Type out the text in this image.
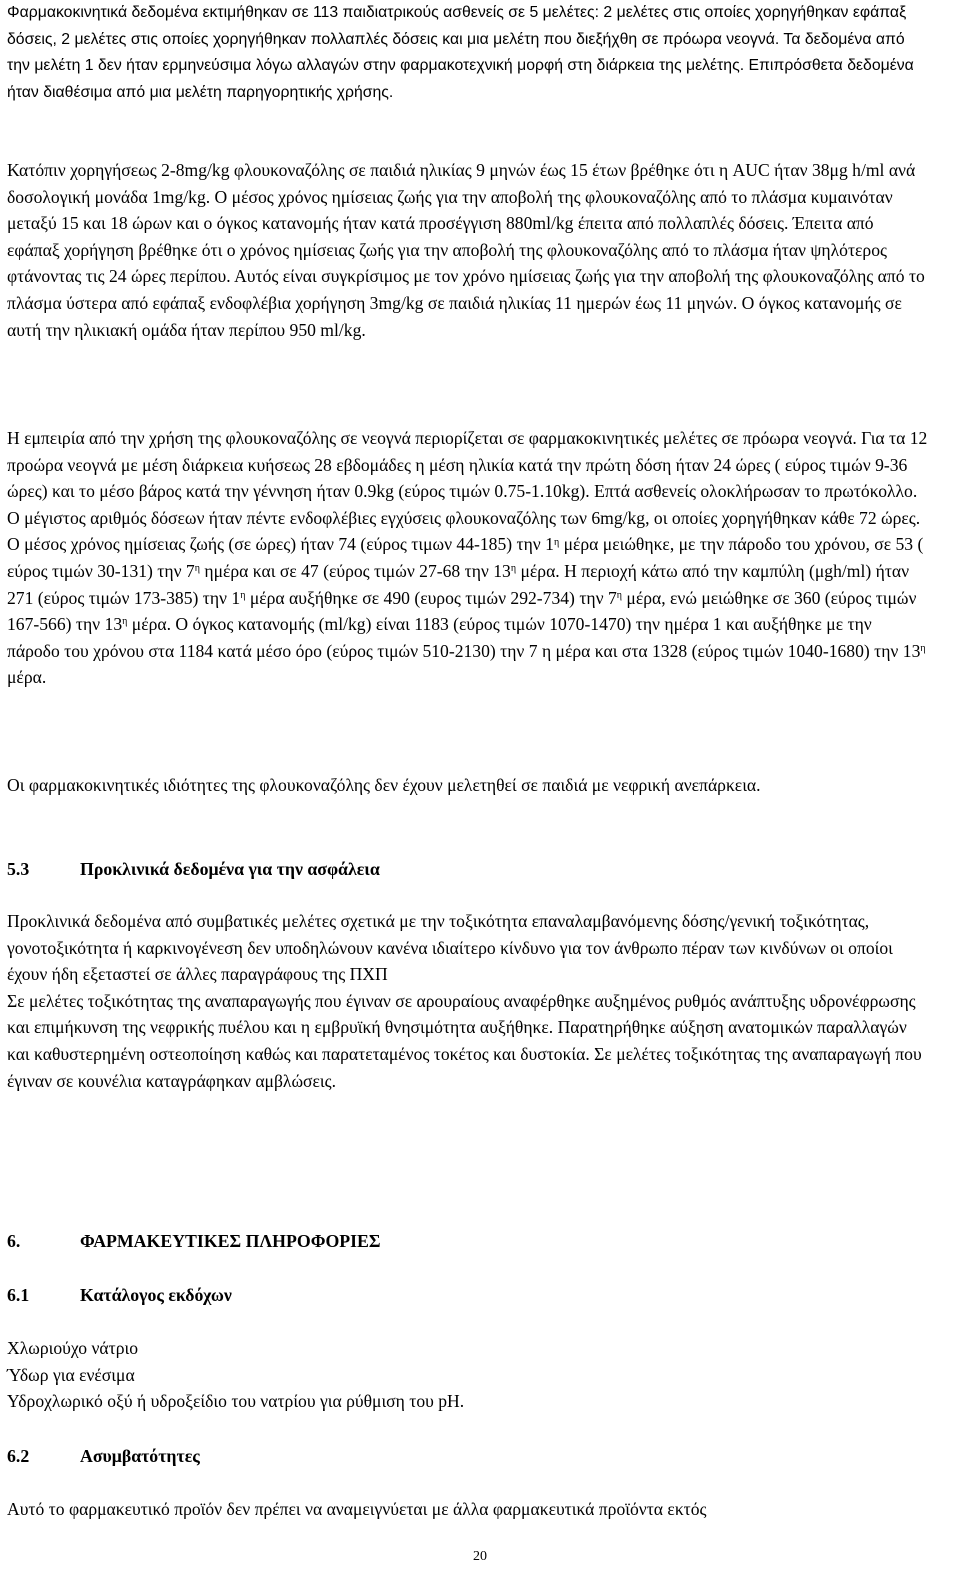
Φαρμακοκινητικά δεδομένα εκτιμήθηκαν σε 113 παιδιατρικούς ασθενείς σε 5 μελέτες: 2 μελέτες στις οποίες χορηγήθηκαν εφάπαξ δόσεις, 2 μελέτες στις οποίες χορηγήθηκαν πολλαπλές δόσεις και μια μελέτη που διεξήχθη σε πρόωρα νεογνά. Τα δεδομένα από την μελέτη 1 δεν ήταν ερμηνεύσιμα λόγω αλλαγών στην φαρμακοτεχνική μορφή στη διάρκεια της μελέτης. Επιπρόσθετα δεδομένα ήταν διαθέσιμα από μια μελέτη παρηγορητικής χρήσης.

Κατόπιν χορηγήσεως 2-8mg/kg φλουκοναζόλης σε παιδιά ηλικίας 9 μηνών έως 15 έτων βρέθηκε ότι η AUC ήταν 38μg h/ml ανά δοσολογική μονάδα 1mg/kg. Ο μέσος χρόνος ημίσειας ζωής για την αποβολή της φλουκοναζόλης από το πλάσμα κυμαινόταν μεταξύ 15 και 18 ώρων και ο όγκος κατανομής ήταν κατά προσέγγιση 880ml/kg έπειτα από πολλαπλές δόσεις. Έπειτα από εφάπαξ χορήγηση βρέθηκε ότι ο χρόνος ημίσειας ζωής για την αποβολή της φλουκοναζόλης από το πλάσμα ήταν ψηλότερος φτάνοντας τις 24 ώρες περίπου. Αυτός είναι συγκρίσιμος με τον χρόνο ημίσειας ζωής για την αποβολή της φλουκοναζόλης από το πλάσμα ύστερα από εφάπαξ ενδοφλέβια χορήγηση 3mg/kg σε παιδιά ηλικίας 11 ημερών έως 11 μηνών. Ο όγκος κατανομής σε αυτή την ηλικιακή ομάδα ήταν περίπου 950 ml/kg.

Η εμπειρία από την χρήση της φλουκοναζόλης σε νεογνά περιορίζεται σε φαρμακοκινητικές μελέτες σε πρόωρα νεογνά. Για τα 12 προώρα νεογνά με μέση διάρκεια κυήσεως 28 εβδομάδες η μέση ηλικία κατά την πρώτη δόση ήταν 24 ώρες ( εύρος τιμών 9-36 ώρες) και το μέσο βάρος κατά την γέννηση ήταν 0.9kg (εύρος τιμών 0.75-1.10kg). Επτά ασθενείς ολοκλήρωσαν το πρωτόκολλο. Ο μέγιστος αριθμός δόσεων ήταν πέντε ενδοφλέβιες εγχύσεις φλουκοναζόλης των 6mg/kg, οι οποίες χορηγήθηκαν κάθε 72 ώρες. Ο μέσος χρόνος ημίσειας ζωής (σε ώρες) ήταν 74 (εύρος τιμων 44-185) την $1^\eta$ μέρα μειώθηκε, με την πάροδο του χρόνου, σε 53 ( εύρος τιμών 30-131) την $7^\eta$ ημέρα και σε 47 (εύρος τιμών 27-68 την $13^\eta$ μέρα. Η περιοχή κάτω από την καμπύλη (μgh/ml) ήταν 271 (εύρος τιμών 173-385) την $1^\eta$ μέρα αυξήθηκε σε 490 (ευρος τιμών 292-734) την $7^\eta$ μέρα, ενώ μειώθηκε σε 360 (εύρος τιμών 167-566) την $13^\eta$ μέρα. Ο όγκος κατανομής (ml/kg) είναι 1183 (εύρος τιμών 1070-1470) την ημέρα 1 και αυξήθηκε με την πάροδο του χρόνου στα 1184 κατά μέσο όρο (εύρος τιμών 510-2130) την 7 η μέρα και στα 1328 (εύρος τιμών 1040-1680) την $13^\eta$ μέρα.

Οι φαρμακοκινητικές ιδιότητες της φλουκοναζόλης δεν έχουν μελετηθεί σε παιδιά με νεφρική ανεπάρκεια.

5.3	Προκλινικά δεδομένα για την ασφάλεια

Προκλινικά δεδομένα από συμβατικές μελέτες σχετικά με την τοξικότητα επαναλαμβανόμενης δόσης/γενική τοξικότητας, γονοτοξικότητα ή καρκινογένεση δεν υποδηλώνουν κανένα ιδιαίτερο κίνδυνο για τον άνθρωπο πέραν των κινδύνων οι οποίοι έχουν ήδη εξεταστεί σε άλλες παραγράφους της ΠΧΠ

Σε μελέτες τοξικότητας της αναπαραγωγής που έγιναν σε αρουραίους αναφέρθηκε αυξημένος ρυθμός ανάπτυξης υδρονέφρωσης και επιμήκυνση της νεφρικής πυέλου και η εμβρυϊκή θνησιμότητα αυξήθηκε. Παρατηρήθηκε αύξηση ανατομικών παραλλαγών και καθυστερημένη οστεοποίηση καθώς και παρατεταμένος τοκέτος και δυστοκία. Σε μελέτες τοξικότητας της αναπαραγωγή που έγιναν σε κουνέλια καταγράφηκαν αμβλώσεις.

6.	ΦΑΡΜΑΚΕΥΤΙΚΕΣ ΠΛΗΡΟΦΟΡΙΕΣ
6.1	Κατάλογος εκδόχων
Χλωριούχο νάτριο
Ύδωρ για ενέσιμα
Υδροχλωρικό οξύ ή υδροξείδιο του νατρίου για ρύθμιση του pH.
6.2	Ασυμβατότητες

Αυτό το φαρμακευτικό προϊόν δεν πρέπει να αναμειγνύεται με άλλα φαρμακευτικά προϊόντα εκτός

20
